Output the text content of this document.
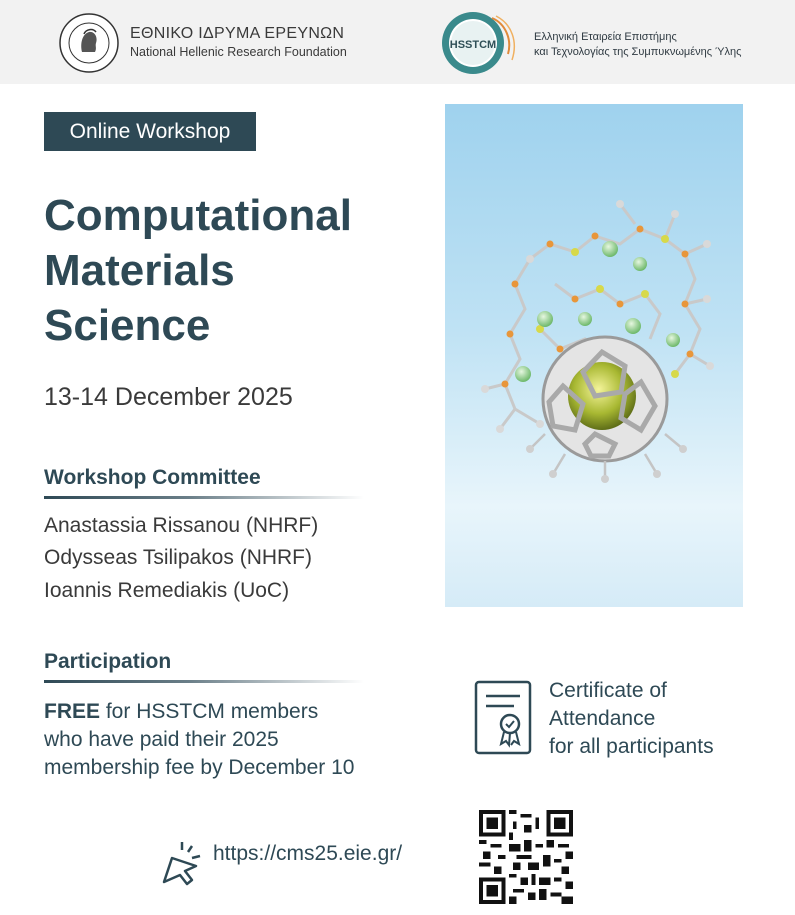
ΕΘΝΙΚΟ ΙΔΡΥΜΑ ΕΡΕΥΝΩΝ
National Hellenic Research Foundation	HSSTCM
Ελληνική Εταιρεία Επιστήμης
και Τεχνολογίας της Συμπυκνωμένης Ύλης
Online Workshop
Computational
Materials
Science
13-14 December 2025
Workshop Committee
Anastassia Rissanou (NHRF)
Odysseas Tsilipakos (NHRF)
Ioannis Remediakis (UoC)
Participation
FREE for HSSTCM members
who have paid their 2025
membership fee by December 10
Certificate of
Attendance
for all participants
https://cms25.eie.gr/
